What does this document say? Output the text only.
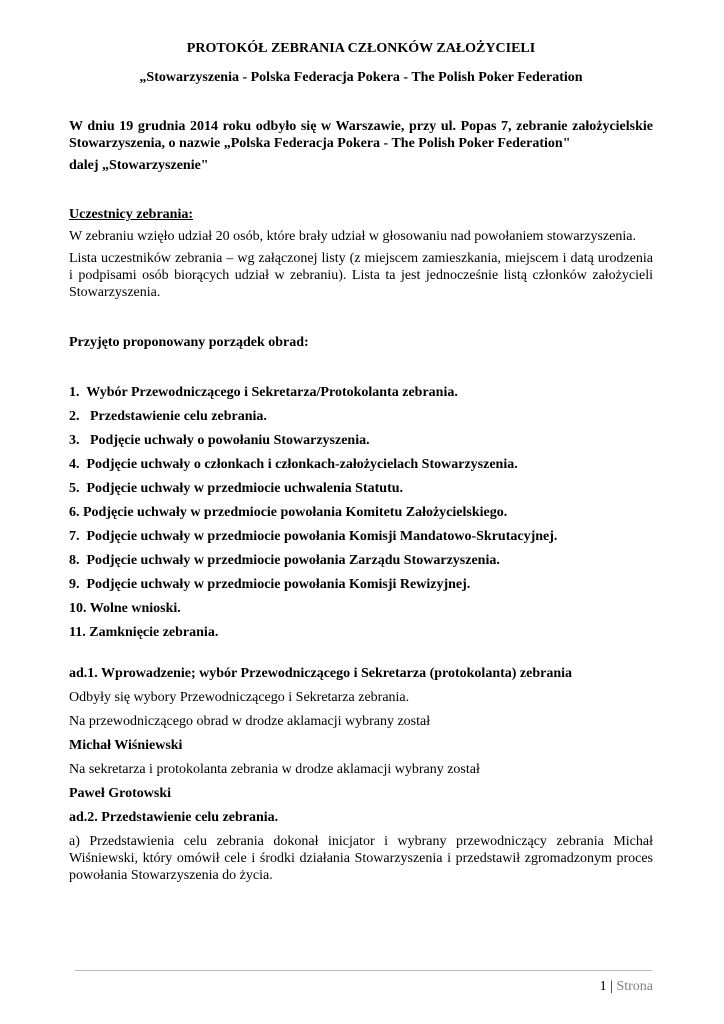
PROTOKÓŁ ZEBRANIA CZŁONKÓW ZAŁOŻYCIELI

„Stowarzyszenia - Polska Federacja Pokera - The Polish Poker Federation

W dniu 19 grudnia 2014 roku odbyło się w Warszawie, przy ul. Popas 7, zebranie założycielskie Stowarzyszenia, o nazwie „Polska Federacja Pokera - The Polish Poker Federation"

dalej „Stowarzyszenie"

Uczestnicy zebrania:

W zebraniu wzięło udział 20 osób, które brały udział w głosowaniu nad powołaniem stowarzyszenia.

Lista uczestników zebrania – wg załączonej listy (z miejscem zamieszkania, miejscem i datą urodzenia i podpisami osób biorących udział w zebraniu). Lista ta jest jednocześnie listą członków założycieli Stowarzyszenia.

Przyjęto proponowany porządek obrad:

1.  Wybór Przewodniczącego i Sekretarza/Protokolanta zebrania.
2.   Przedstawienie celu zebrania.
3.   Podjęcie uchwały o powołaniu Stowarzyszenia.
4.  Podjęcie uchwały o członkach i członkach-założycielach Stowarzyszenia.
5.  Podjęcie uchwały w przedmiocie uchwalenia Statutu.
6. Podjęcie uchwały w przedmiocie powołania Komitetu Założycielskiego.
7.  Podjęcie uchwały w przedmiocie powołania Komisji Mandatowo-Skrutacyjnej.
8.  Podjęcie uchwały w przedmiocie powołania Zarządu Stowarzyszenia.
9.  Podjęcie uchwały w przedmiocie powołania Komisji Rewizyjnej.
10. Wolne wnioski.
11. Zamknięcie zebrania.

ad.1. Wprowadzenie; wybór Przewodniczącego i Sekretarza (protokolanta) zebrania

Odbyły się wybory Przewodniczącego i Sekretarza zebrania.

Na przewodniczącego obrad w drodze aklamacji wybrany został

Michał Wiśniewski

Na sekretarza i protokolanta zebrania w drodze aklamacji wybrany został

Paweł Grotowski

ad.2. Przedstawienie celu zebrania.

a) Przedstawienia celu zebrania dokonał inicjator i wybrany przewodniczący zebrania Michał Wiśniewski, który omówił cele i środki działania Stowarzyszenia i przedstawił zgromadzonym proces powołania Stowarzyszenia do życia.

1 | Strona
